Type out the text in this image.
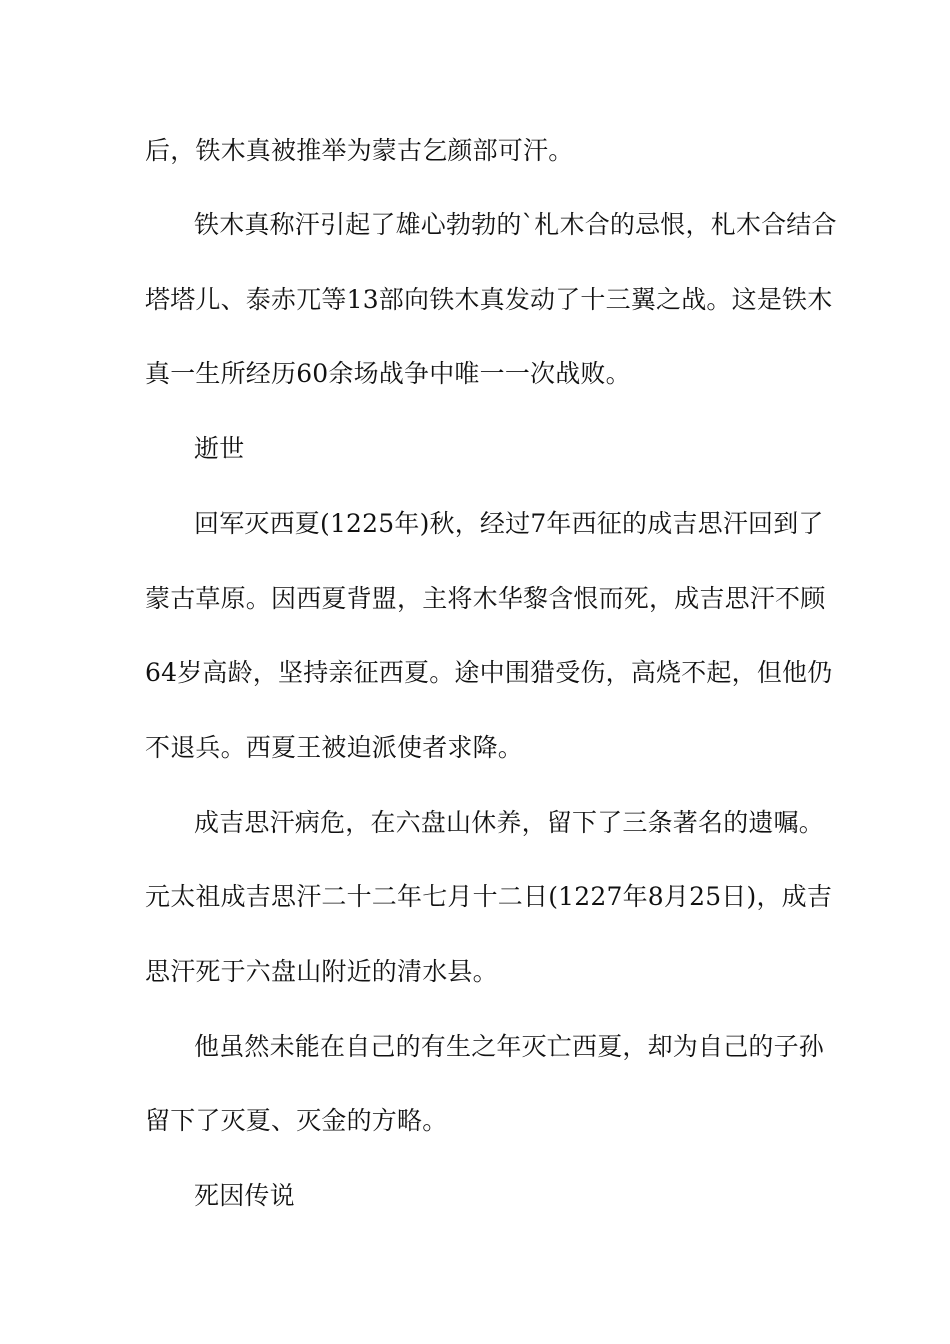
后，铁木真被推举为蒙古乞颜部可汗。
铁木真称汗引起了雄心勃勃的`札木合的忌恨，札木合结合
塔塔儿、泰赤兀等13部向铁木真发动了十三翼之战。这是铁木
真一生所经历60余场战争中唯一一次战败。
逝世
回军灭西夏(1225年)秋，经过7年西征的成吉思汗回到了
蒙古草原。因西夏背盟，主将木华黎含恨而死，成吉思汗不顾
64岁高龄，坚持亲征西夏。途中围猎受伤，高烧不起，但他仍
不退兵。西夏王被迫派使者求降。
成吉思汗病危，在六盘山休养，留下了三条著名的遗嘱。
元太祖成吉思汗二十二年七月十二日(1227年8月25日)，成吉
思汗死于六盘山附近的清水县。
他虽然未能在自己的有生之年灭亡西夏，却为自己的子孙
留下了灭夏、灭金的方略。
死因传说
